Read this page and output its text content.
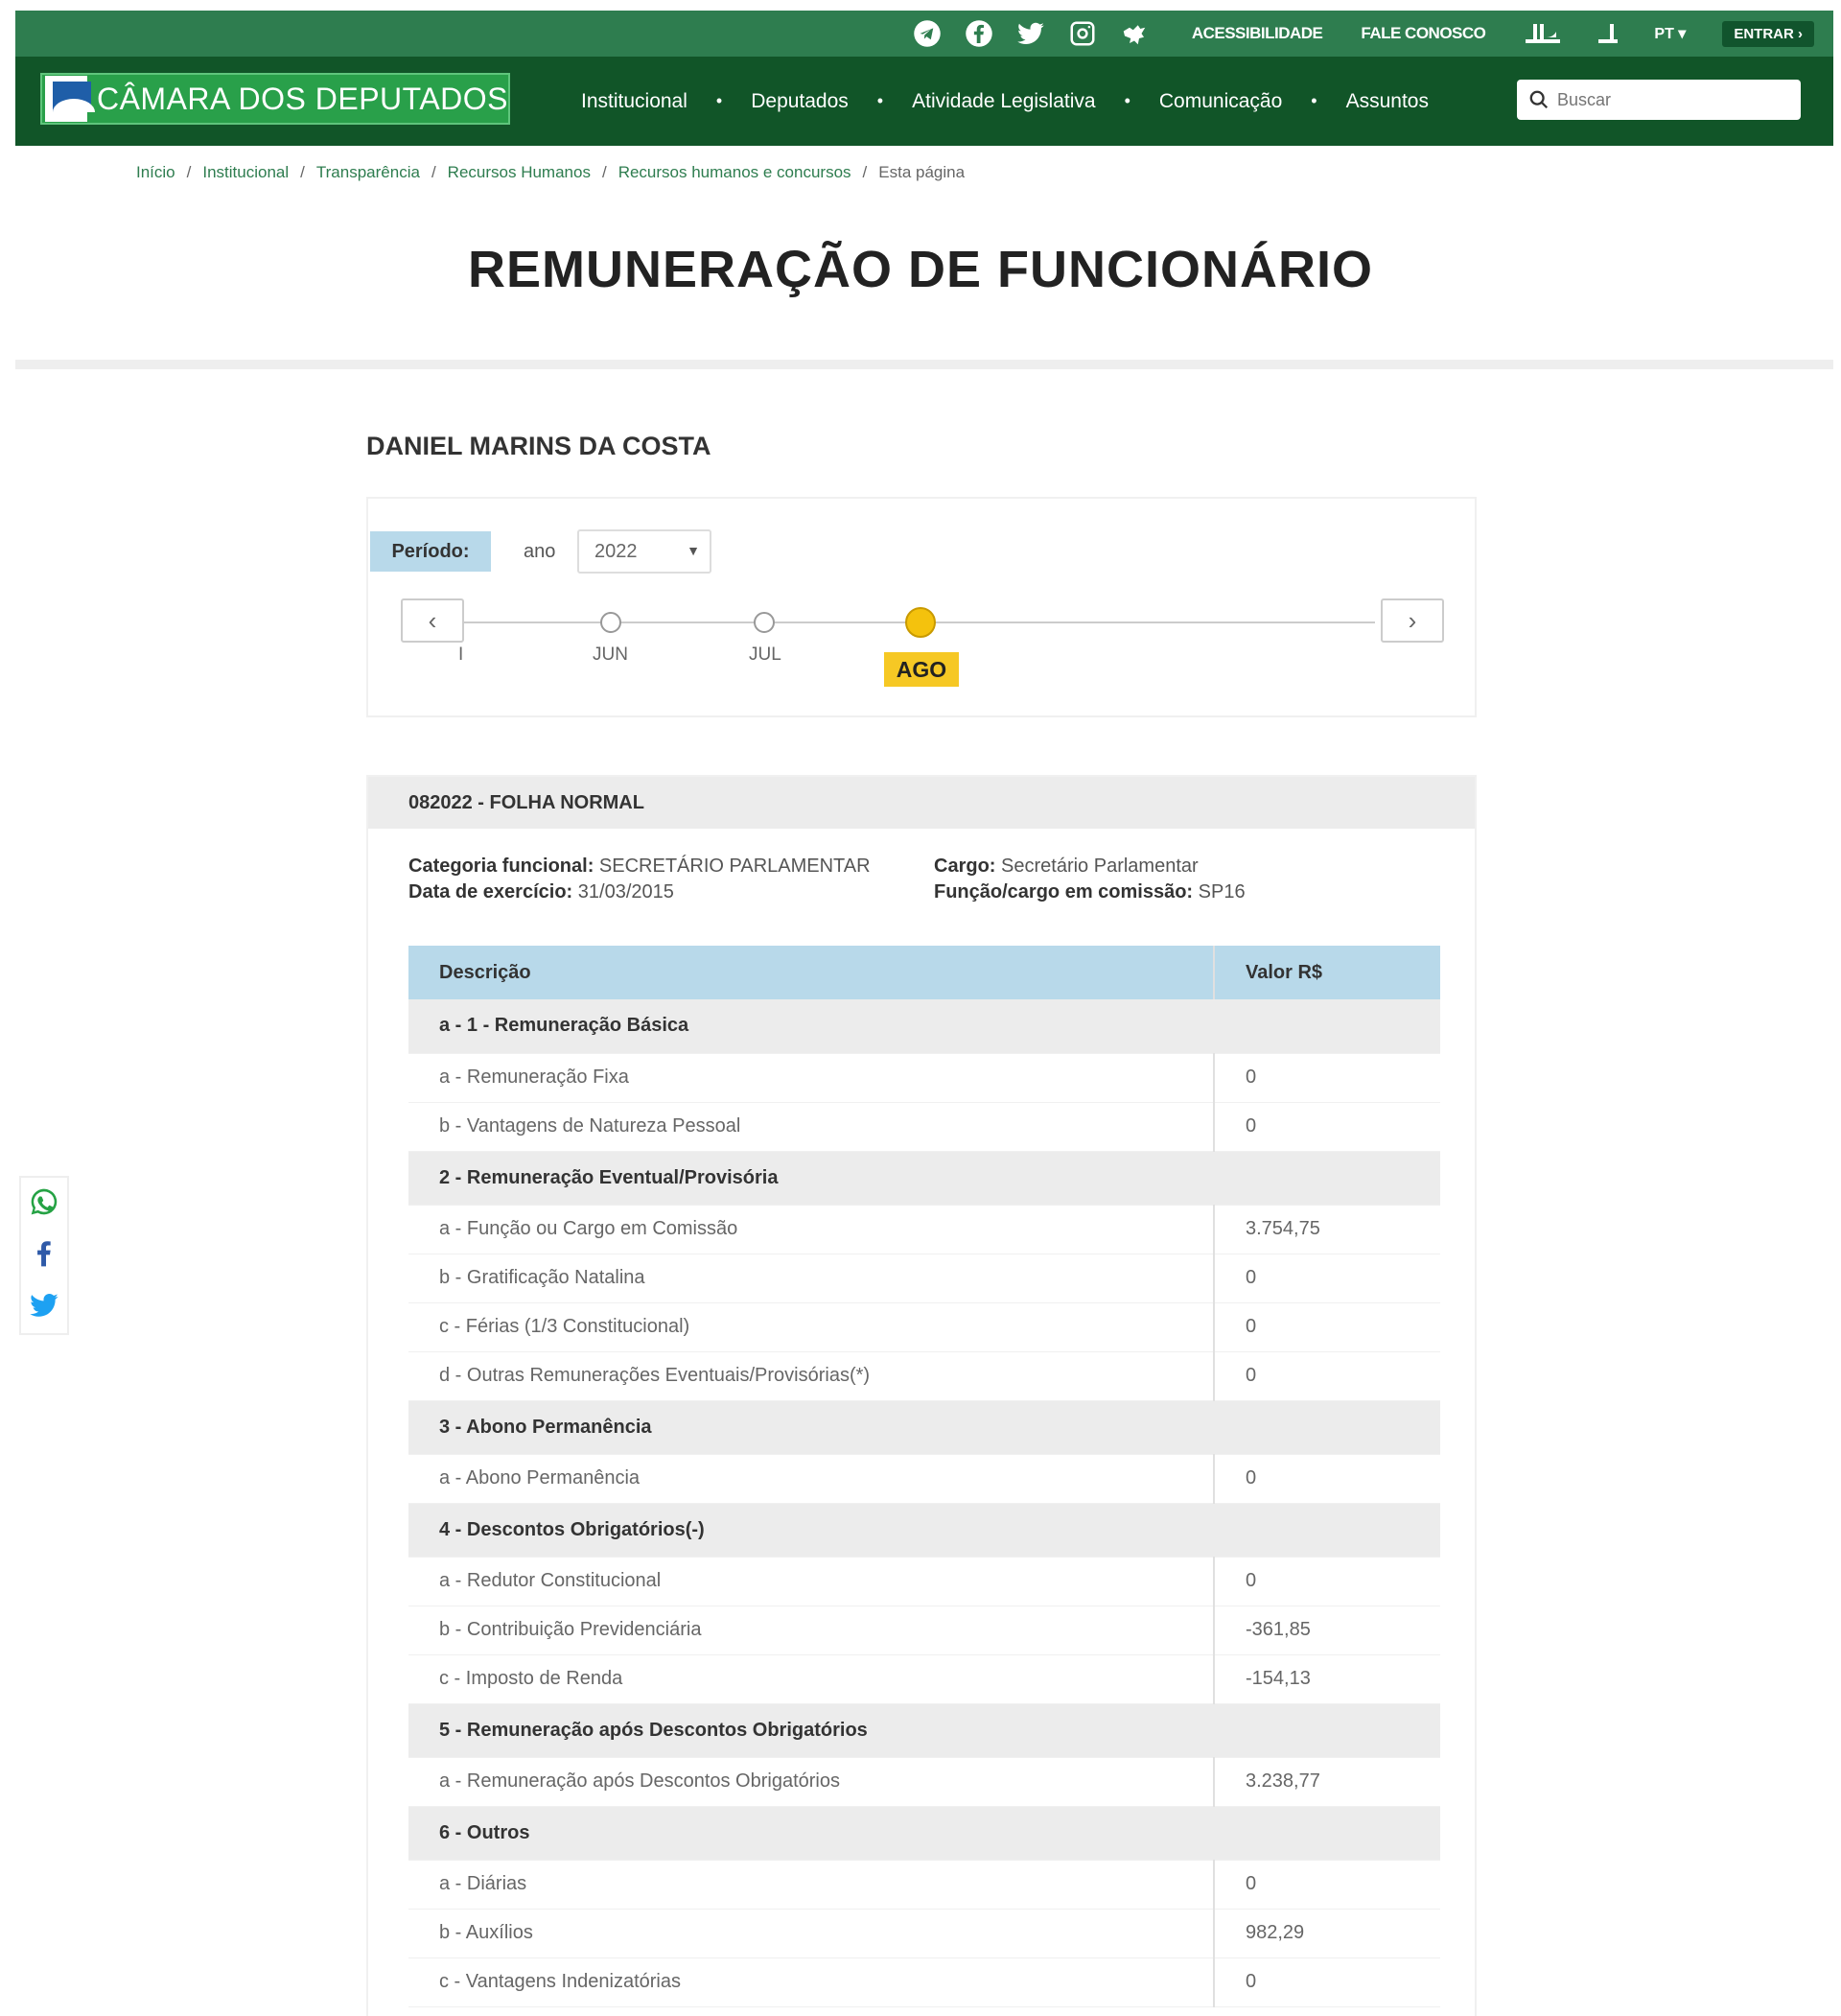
ACESSIBILIDADE FALE CONOSCO	PT ▾	ENTRAR ›
CÂMARA DOS DEPUTADOS	Institucional • Deputados • Atividade Legislativa • Comunicação • Assuntos
Buscar
Início / Institucional / Transparência / Recursos Humanos / Recursos humanos e concursos / Esta página
REMUNERAÇÃO DE FUNCIONÁRIO
DANIEL MARINS DA COSTA
Período:	ano 2022	▼
‹
I	JUN	JUL
AGO
›
082022 - FOLHA NORMAL
Categoria funcional: SECRETÁRIO PARLAMENTAR
Data de exercício: 31/03/2015
Cargo: Secretário Parlamentar
Função/cargo em comissão: SP16
Descrição	Valor R$
a - 1 - Remuneração Básica	
a - Remuneração Fixa	0
b - Vantagens de Natureza Pessoal	0
2 - Remuneração Eventual/Provisória	
a - Função ou Cargo em Comissão	3.754,75
b - Gratificação Natalina	0
c - Férias (1/3 Constitucional)	0
d - Outras Remunerações Eventuais/Provisórias(*)	0
3 - Abono Permanência	
a - Abono Permanência	0
4 - Descontos Obrigatórios(-)	
a - Redutor Constitucional	0
b - Contribuição Previdenciária	-361,85
c - Imposto de Renda	-154,13
5 - Remuneração após Descontos Obrigatórios	
a - Remuneração após Descontos Obrigatórios	3.238,77
6 - Outros	
a - Diárias	0
b - Auxílios	982,29
c - Vantagens Indenizatórias	0
